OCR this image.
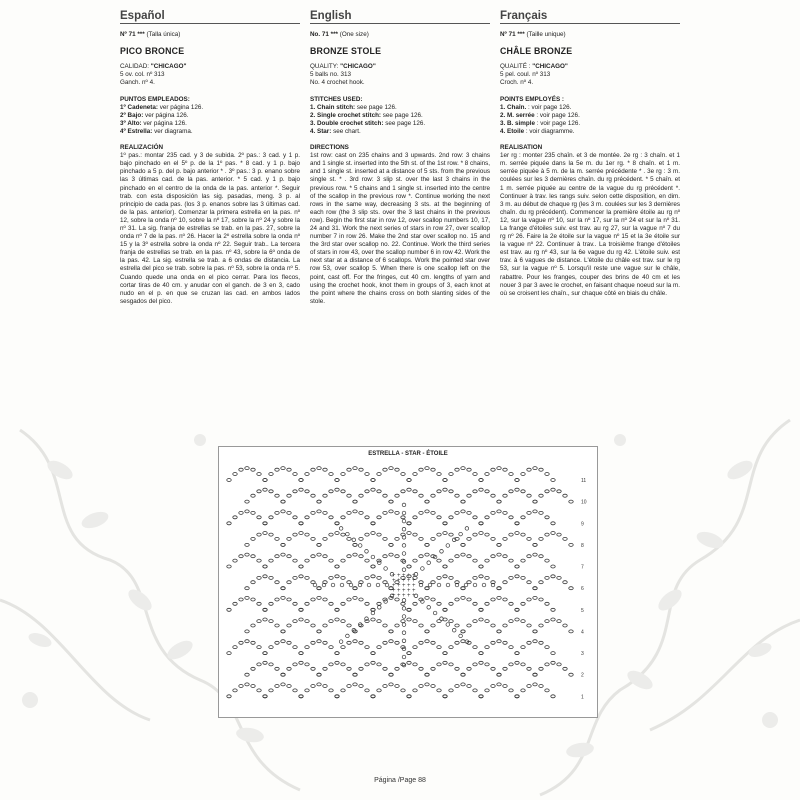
Español
Nº 71 *** (Talla única)
PICO BRONCE
CALIDAD: "CHICAGO"
5 ov. col. nº 313
Ganch. nº 4.
PUNTOS EMPLEADOS:
1º Cadeneta: ver página 126.
2º Bajo: ver página 126.
3º Alto: ver página 126.
4º Estrella: ver diagrama.
REALIZACIÓN
1º pas.: montar 235 cad. y 3 de subida. 2º pas.: 3 cad. y 1 p. bajo pinchado en el 5º p. de la 1º pas. * 8 cad. y 1 p. bajo pinchado a 5 p. del p. bajo anterior * . 3º pas.: 3 p. enano sobre las 3 últimas cad. de la pas. anterior. * 5 cad. y 1 p. bajo pinchado en el centro de la onda de la pas. anterior *. Seguir trab. con esta disposición las sig. pasadas, meng. 3 p. al principio de cada pas. (los 3 p. enanos sobre las 3 últimas cad. de la pas. anterior). Comenzar la primera estrella en la pas. nº 12, sobre la onda nº 10, sobre la nº 17, sobre la nº 24 y sobre la nº 31. La sig. franja de estrellas se trab. en la pas. 27, sobre la onda nº 7 de la pas. nº 26. Hacer la 2º estrella sobre la onda nº 15 y la 3º estrella sobre la onda nº 22. Seguir trab.. La tercera franja de estrellas se trab. en la pas. nº 43, sobre la 6º onda de la pas. 42. La sig. estrella se trab. a 6 ondas de distancia. La estrella del pico se trab. sobre la pas. nº 53, sobre la onda nº 5. Cuando quede una onda en el pico cerrar. Para los flecos, cortar tiras de 40 cm. y anudar con el ganch. de 3 en 3, cado nudo en el p. en que se cruzan las cad. en ambos lados sesgados del pico.
English
No. 71 *** (One size)
BRONZE STOLE
QUALITY: "CHICAGO"
5 balls no. 313
No. 4 crochet hook.
STITCHES USED:
1. Chain stitch: see page 126.
2. Single crochet stitch: see page 126.
3. Double crochet stitch: see page 126.
4. Star: see chart.
DIRECTIONS
1st row: cast on 235 chains and 3 upwards. 2nd row: 3 chains and 1 single st. inserted into the 5th st. of the 1st row. * 8 chains, and 1 single st. inserted at a distance of 5 sts. from the previous single st. * . 3rd row: 3 slip st. over the last 3 chains in the previous row. * 5 chains and 1 single st. inserted into the centre of the scallop in the previous row *. Continue working the next rows in the same way, decreasing 3 sts. at the beginning of each row (the 3 slip sts. over the 3 last chains in the previous row). Begin the first star in row 12, over scallop numbers 10, 17, 24 and 31. Work the next series of stars in row 27, over scallop number 7 in row 26. Make the 2nd star over scallop no. 15 and the 3rd star over scallop no. 22. Continue. Work the third series of stars in row 43, over the scallop number 6 in row 42. Work the next star at a distance of 6 scallops. Work the pointed star over row 53, over scallop 5. When there is one scallop left on the point, cast off. For the fringes, cut 40 cm. lengths of yarn and using the crochet hook, knot them in groups of 3, each knot at the point where the chains cross on both slanting sides of the stole.
Français
Nº 71 *** (Taille unique)
CHÂLE BRONZE
QUALITÉ : "CHICAGO"
5 pel. coul. nº 313
Croch. nº 4.
POINTS EMPLOYÉS :
1. Chaîn. : voir page 126.
2. M. serrée : voir page 126.
3. B. simple : voir page 126.
4. Etoile : voir diagramme.
REALISATION
1er rg : monter 235 chaîn. et 3 de montée. 2e rg : 3 chaîn. et 1 m. serrée piquée dans la 5e m. du 1er rg. * 8 chaîn. et 1 m. serrée piquée à 5 m. de la m. serrée précédente * . 3e rg : 3 m. coulées sur les 3 dernières chaîn. du rg précédent. * 5 chaîn. et 1 m. serrée piquée au centre de la vague du rg précédent *. Continuer à trav. les rangs suiv. selon cette disposition, en dim. 3 m. au début de chaque rg (les 3 m. coulées sur les 3 dernières chaîn. du rg précédent). Commencer la première étoile au rg nº 12, sur la vague nº 10, sur la nº 17, sur la nº 24 et sur la nº 31. La frange d'étoiles suiv. est trav. au rg 27, sur la vague nº 7 du rg nº 26. Faire la 2e étoile sur la vague nº 15 et la 3e étoile sur la vague nº 22. Continuer à trav.. La troisième frange d'étoiles est trav. au rg nº 43, sur la 6e vague du rg 42. L'étoile suiv. est trav. à 6 vagues de distance. L'étoile du châle est trav. sur le rg 53, sur la vague nº 5. Lorsqu'il reste une vague sur le châle, rabattre. Pour les franges, couper des brins de 40 cm et les nouer 3 par 3 avec le crochet, en faisant chaque noeud sur la m. où se croisent les chaîn., sur chaque côté en biais du châle.
ESTRELLA - STAR - ÉTOILE
+
+
+
+
+
+
+
+
+
+
+
+
+
+
+
+
+
+
+
+
+
+
+
+
+
11
10
9
8
7
6
5
4
3
2
1
Página /Page 88
